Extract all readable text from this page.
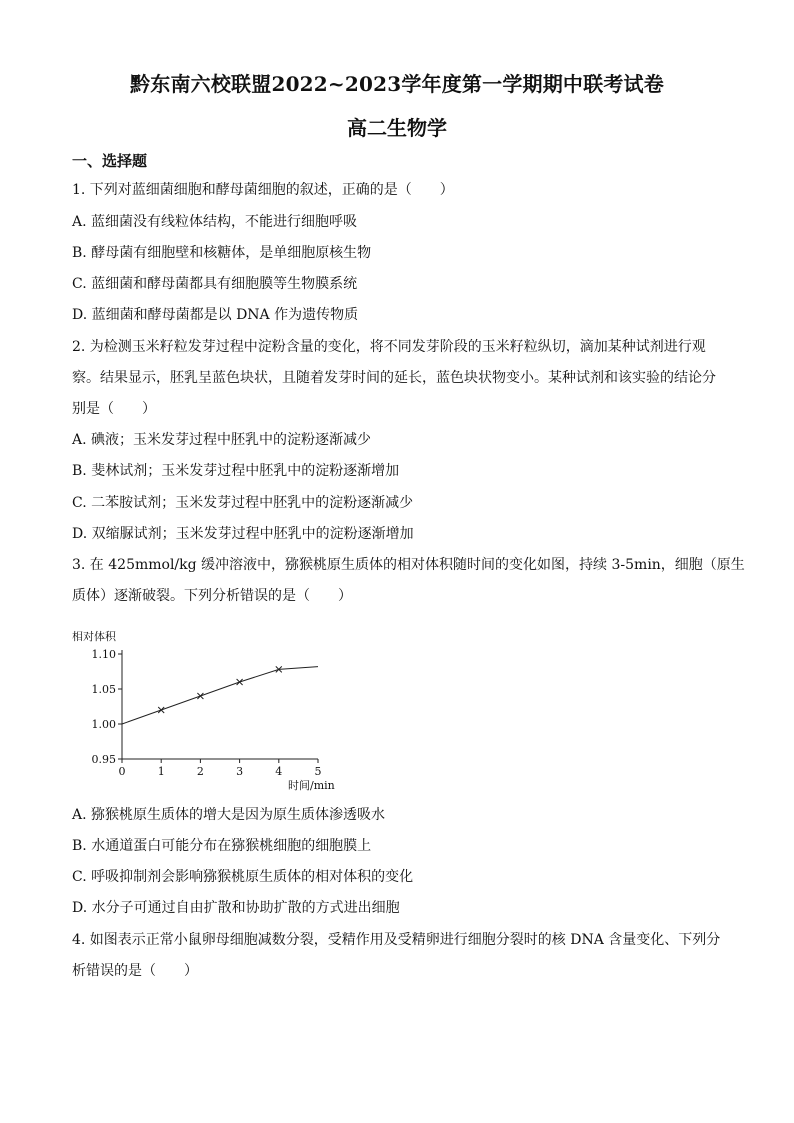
黔东南六校联盟2022~2023学年度第一学期期中联考试卷
高二生物学
一、选择题
1. 下列对蓝细菌细胞和酵母菌细胞的叙述，正确的是（　　）
A. 蓝细菌没有线粒体结构，不能进行细胞呼吸
B. 酵母菌有细胞壁和核糖体，是单细胞原核生物
C. 蓝细菌和酵母菌都具有细胞膜等生物膜系统
D. 蓝细菌和酵母菌都是以 DNA 作为遗传物质
2. 为检测玉米籽粒发芽过程中淀粉含量的变化，将不同发芽阶段的玉米籽粒纵切，滴加某种试剂进行观
察。结果显示，胚乳呈蓝色块状，且随着发芽时间的延长，蓝色块状物变小。某种试剂和该实验的结论分
别是（　　）
A. 碘液；玉米发芽过程中胚乳中的淀粉逐渐减少
B. 斐林试剂；玉米发芽过程中胚乳中的淀粉逐渐增加
C. 二苯胺试剂；玉米发芽过程中胚乳中的淀粉逐渐减少
D. 双缩脲试剂；玉米发芽过程中胚乳中的淀粉逐渐增加
3. 在 425mmol/kg 缓冲溶液中，猕猴桃原生质体的相对体积随时间的变化如图，持续 3-5min，细胞（原生
质体）逐渐破裂。下列分析错误的是（　　）
0.95
1.00
1.05
1.10
0	1	2	3	4	5
相对体积
时间/min
A. 猕猴桃原生质体的增大是因为原生质体渗透吸水
B. 水通道蛋白可能分布在猕猴桃细胞的细胞膜上
C. 呼吸抑制剂会影响猕猴桃原生质体的相对体积的变化
D. 水分子可通过自由扩散和协助扩散的方式进出细胞
4. 如图表示正常小鼠卵母细胞减数分裂，受精作用及受精卵进行细胞分裂时的核 DNA 含量变化、下列分
析错误的是（　　）
